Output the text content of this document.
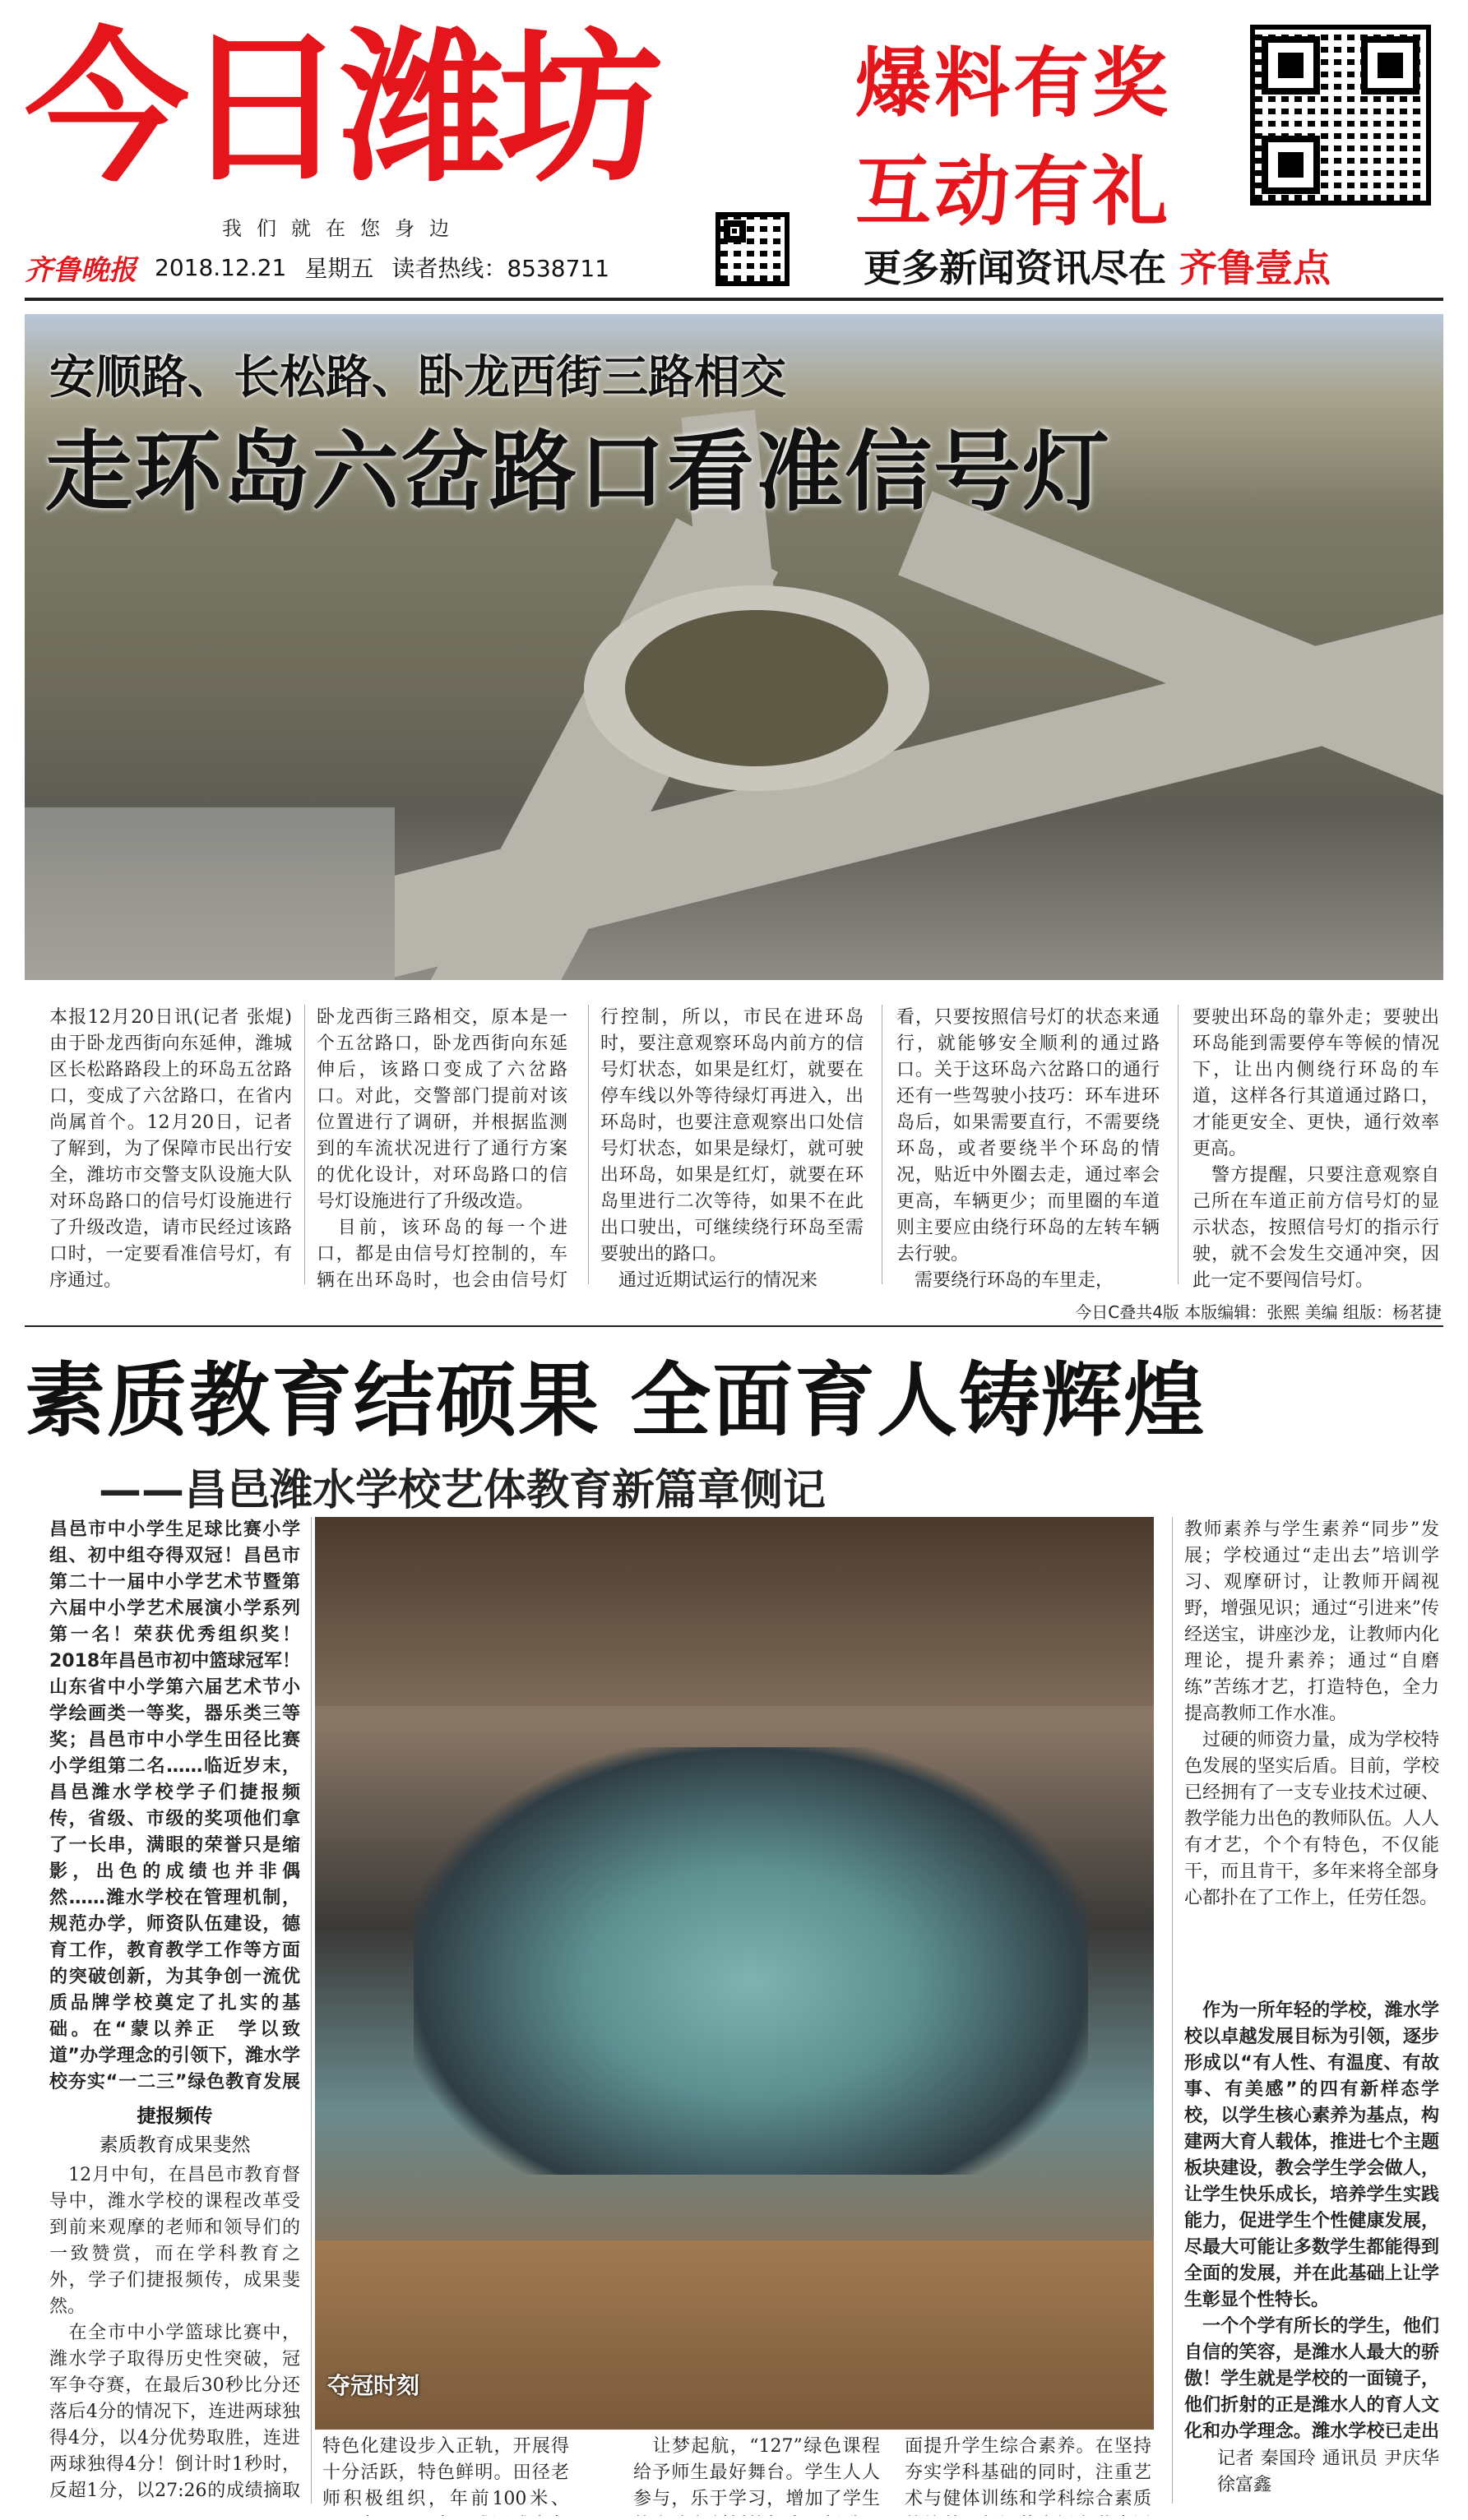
今日潍坊
我们就在您身边
齐鲁晚报 2018.12.21 星期五 读者热线：8538711
爆料有奖
互动有礼
更多新闻资讯尽在 齐鲁壹点
安顺路、长松路、卧龙西街三路相交
走环岛六岔路口看准信号灯
本报12月20日讯(记者 张焜)由于卧龙西街向东延伸，潍城区长松路路段上的环岛五岔路口，变成了六岔路口，在省内尚属首个。12月20日，记者了解到，为了保障市民出行安全，潍坊市交警支队设施大队对环岛路口的信号灯设施进行了升级改造，请市民经过该路口时，一定要看准信号灯，有序通过。

卧龙西街三路相交，原本是一个五岔路口，卧龙西街向东延伸后，该路口变成了六岔路口。对此，交警部门提前对该位置进行了调研，并根据监测到的车流状况进行了通行方案的优化设计，对环岛路口的信号灯设施进行了升级改造。
　目前，该环岛的每一个进口，都是由信号灯控制的，车辆在出环岛时，也会由信号灯
行控制，所以，市民在进环岛时，要注意观察环岛内前方的信号灯状态，如果是红灯，就要在停车线以外等待绿灯再进入，出环岛时，也要注意观察出口处信号灯状态，如果是绿灯，就可驶出环岛，如果是红灯，就要在环岛里进行二次等待，如果不在此出口驶出，可继续绕行环岛至需要驶出的路口。
　通过近期试运行的情况来
看，只要按照信号灯的状态来通行，就能够安全顺利的通过路口。关于这环岛六岔路口的通行还有一些驾驶小技巧：环车进环岛后，如果需要直行，不需要绕环岛，或者要绕半个环岛的情况，贴近中外圈去走，通过率会更高，车辆更少；而里圈的车道则主要应由绕行环岛的左转车辆去行驶。
　需要绕行环岛的车里走，
要驶出环岛的靠外走；要驶出环岛能到需要停车等候的情况下，让出内侧绕行环岛的车道，这样各行其道通过路口，才能更安全、更快，通行效率更高。
　警方提醒，只要注意观察自己所在车道正前方信号灯的显示状态，按照信号灯的指示行驶，就不会发生交通冲突，因此一定不要闯信号灯。
今日C叠共4版 本版编辑：张熙 美编 组版：杨茗捷
素质教育结硕果 全面育人铸辉煌
——昌邑潍水学校艺体教育新篇章侧记
昌邑市中小学生足球比赛小学组、初中组夺得双冠！昌邑市第二十一届中小学艺术节暨第六届中小学艺术展演小学系列第一名！荣获优秀组织奖！2018年昌邑市初中篮球冠军！山东省中小学第六届艺术节小学绘画类一等奖，器乐类三等奖；昌邑市中小学生田径比赛小学组第二名……临近岁末，昌邑潍水学校学子们捷报频传，省级、市级的奖项他们拿了一长串，满眼的荣誉只是缩影，出色的成绩也并非偶然……潍水学校在管理机制，规范办学，师资队伍建设，德育工作，教育教学工作等方面的突破创新，为其争创一流优质品牌学校奠定了扎实的基础。在“蒙以养正  学以致道”办学理念的引领下，潍水学校夯实“一二三”绿色教育发展
夺冠时刻
教师素养与学生素养“同步”发展；学校通过“走出去”培训学习、观摩研讨，让教师开阔视野，增强见识；通过“引进来”传经送宝，讲座沙龙，让教师内化理论，提升素养；通过“自磨练”苦练才艺，打造特色，全力提高教师工作水准。
　过硬的师资力量，成为学校特色发展的坚实后盾。目前，学校已经拥有了一支专业技术过硬、教学能力出色的教师队伍。人人有才艺，个个有特色，不仅能干，而且肯干，多年来将全部身心都扑在了工作上，任劳任怨。
　作为一所年轻的学校，潍水学校以卓越发展目标为引领，逐步形成以“有人性、有温度、有故事、有美感”的四有新样态学校，以学生核心素养为基点，构建两大育人载体，推进七个主题板块建设，教会学生学会做人，让学生快乐成长，培养学生实践能力，促进学生个性健康发展，尽最大可能让多数学生都能得到全面的发展，并在此基础上让学生彰显个性特长。
　一个个学有所长的学生，他们自信的笑容，是潍水人最大的骄傲！学生就是学校的一面镜子，他们折射的正是潍水人的育人文化和办学理念。潍水学校已走出
记者 秦国玲 通讯员 尹庆华 徐富鑫
捷报频传
素质教育成果斐然
　12月中旬，在昌邑市教育督导中，潍水学校的课程改革受到前来观摩的老师和领导们的一致赞赏，而在学科教育之外，学子们捷报频传，成果斐然。
　在全市中小学篮球比赛中，潍水学子取得历史性突破，冠军争夺赛，在最后30秒比分还落后4分的情况下，连进两球独得4分，以4分优势取胜，连进两球独得4分！倒计时1秒时，反超1分，以27:26的成绩摘取

特色化建设步入正轨，开展得十分活跃，特色鲜明。田径老师积极组织，年前100米、

　让梦起航，“127”绿色课程给予师生最好舞台。学生人人参与，乐于学习，增加了学生

面提升学生综合素养。在坚持夯实学科基础的同时，注重艺术与健体训练和学科综合素质
